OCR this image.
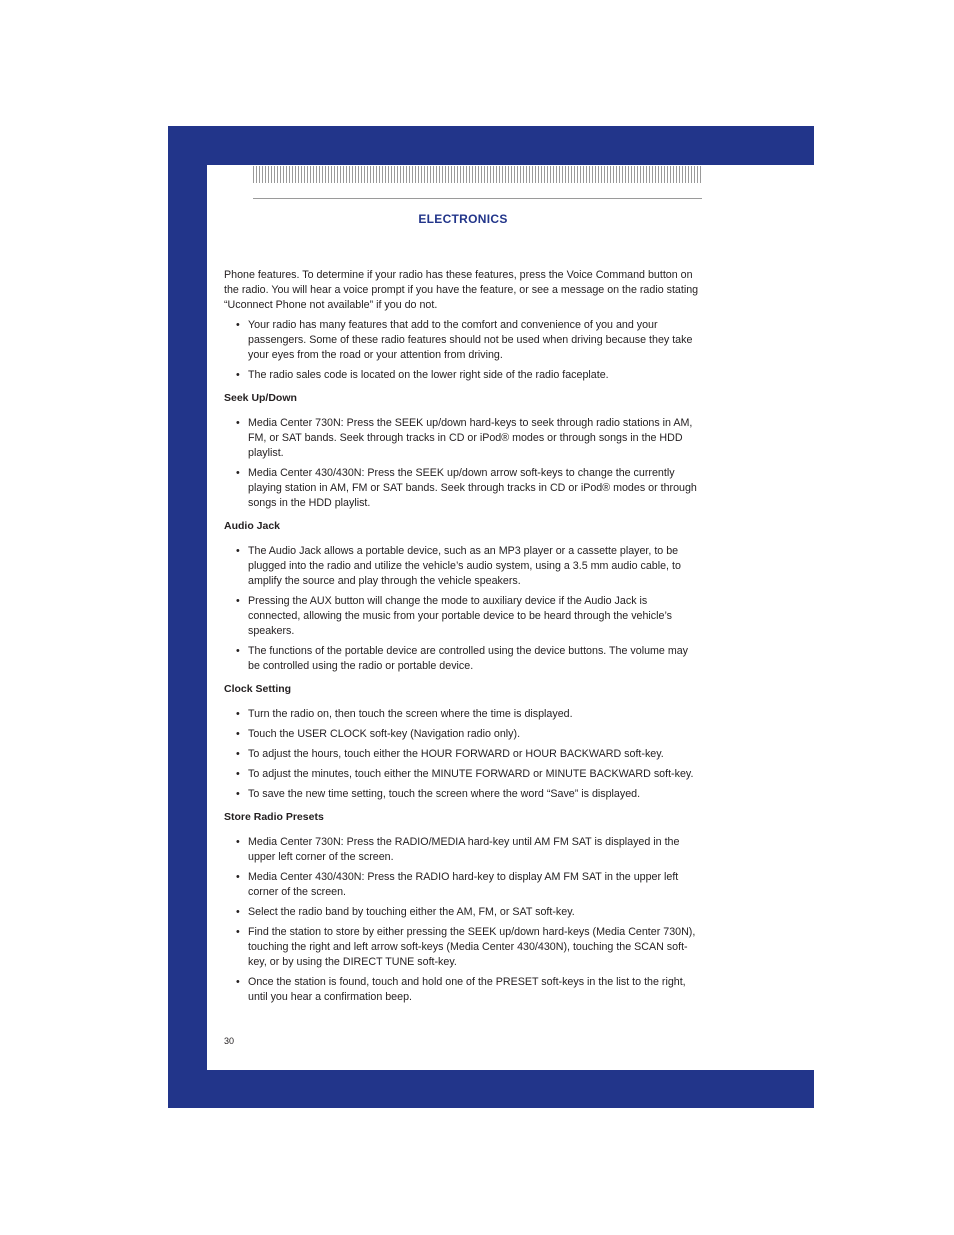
ELECTRONICS

Phone features. To determine if your radio has these features, press the Voice Command button on the radio. You will hear a voice prompt if you have the feature, or see a message on the radio stating “Uconnect Phone not available” if you do not.

• Your radio has many features that add to the comfort and convenience of you and your passengers. Some of these radio features should not be used when driving because they take your eyes from the road or your attention from driving.
• The radio sales code is located on the lower right side of the radio faceplate.
Seek Up/Down
• Media Center 730N: Press the SEEK up/down hard-keys to seek through radio stations in AM, FM, or SAT bands. Seek through tracks in CD or iPod® modes or through songs in the HDD playlist.
• Media Center 430/430N: Press the SEEK up/down arrow soft-keys to change the currently playing station in AM, FM or SAT bands. Seek through tracks in CD or iPod® modes or through songs in the HDD playlist.
Audio Jack
• The Audio Jack allows a portable device, such as an MP3 player or a cassette player, to be plugged into the radio and utilize the vehicle’s audio system, using a 3.5 mm audio cable, to amplify the source and play through the vehicle speakers.
• Pressing the AUX button will change the mode to auxiliary device if the Audio Jack is connected, allowing the music from your portable device to be heard through the vehicle’s speakers.
• The functions of the portable device are controlled using the device buttons. The volume may be controlled using the radio or portable device.
Clock Setting
• Turn the radio on, then touch the screen where the time is displayed.
• Touch the USER CLOCK soft-key (Navigation radio only).
• To adjust the hours, touch either the HOUR FORWARD or HOUR BACKWARD soft-key.
• To adjust the minutes, touch either the MINUTE FORWARD or MINUTE BACKWARD soft-key.
• To save the new time setting, touch the screen where the word “Save” is displayed.
Store Radio Presets
• Media Center 730N: Press the RADIO/MEDIA hard-key until AM FM SAT is displayed in the upper left corner of the screen.
• Media Center 430/430N: Press the RADIO hard-key to display AM FM SAT in the upper left corner of the screen.
• Select the radio band by touching either the AM, FM, or SAT soft-key.
• Find the station to store by either pressing the SEEK up/down hard-keys (Media Center 730N), touching the right and left arrow soft-keys (Media Center 430/430N), touching the SCAN soft-key, or by using the DIRECT TUNE soft-key.
• Once the station is found, touch and hold one of the PRESET soft-keys in the list to the right, until you hear a confirmation beep.
30
